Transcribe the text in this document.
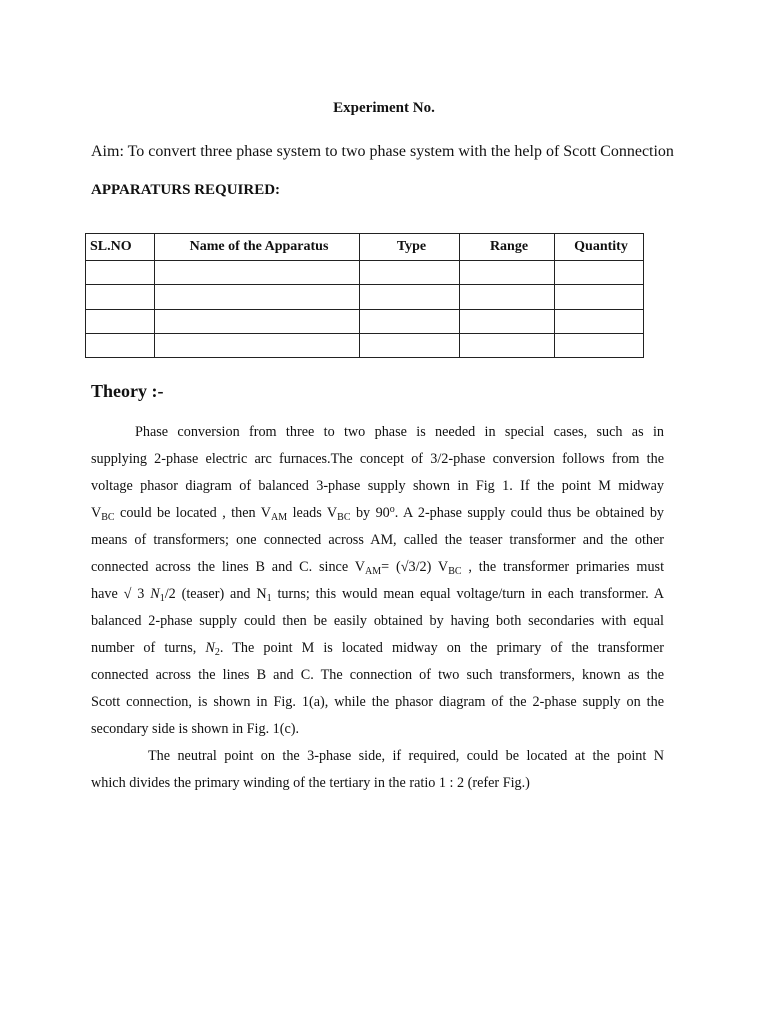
Experiment No.
Aim: To convert three phase system to two phase system with the help of Scott Connection
APPARATURS REQUIRED:
SL.NO	Name of the Apparatus	Type	Range	Quantity

Theory :-
Phase conversion from three to two phase is needed in special cases, such as in
supplying 2-phase electric arc furnaces.The concept of 3/2-phase conversion follows from the
voltage phasor diagram of balanced 3-phase supply shown in Fig 1. If the point M midway
$V_{BC}$ could be located , then $V_{AM}$ leads $V_{BC}$ by 90$^o$. A 2-phase supply could thus be obtained by
means of transformers; one connected across AM, called the teaser transformer and the other
connected across the lines B and C. since $V_{AM}= (√3/2)$ $V_{BC}$ , the transformer primaries must
have √ 3 $N_1/2$ (teaser) and $N_1$ turns; this would mean equal voltage/turn in each transformer. A
balanced 2-phase supply could then be easily obtained by having both secondaries with equal
number of turns, $N_2$. The point M is located midway on the primary of the transformer
connected across the lines B and C. The connection of two such transformers, known as the
Scott connection, is shown in Fig. 1(a), while the phasor diagram of the 2-phase supply on the
secondary side is shown in Fig. 1(c).
The neutral point on the 3-phase side, if required, could be located at the point N
which divides the primary winding of the tertiary in the ratio 1 : 2 (refer Fig.)
